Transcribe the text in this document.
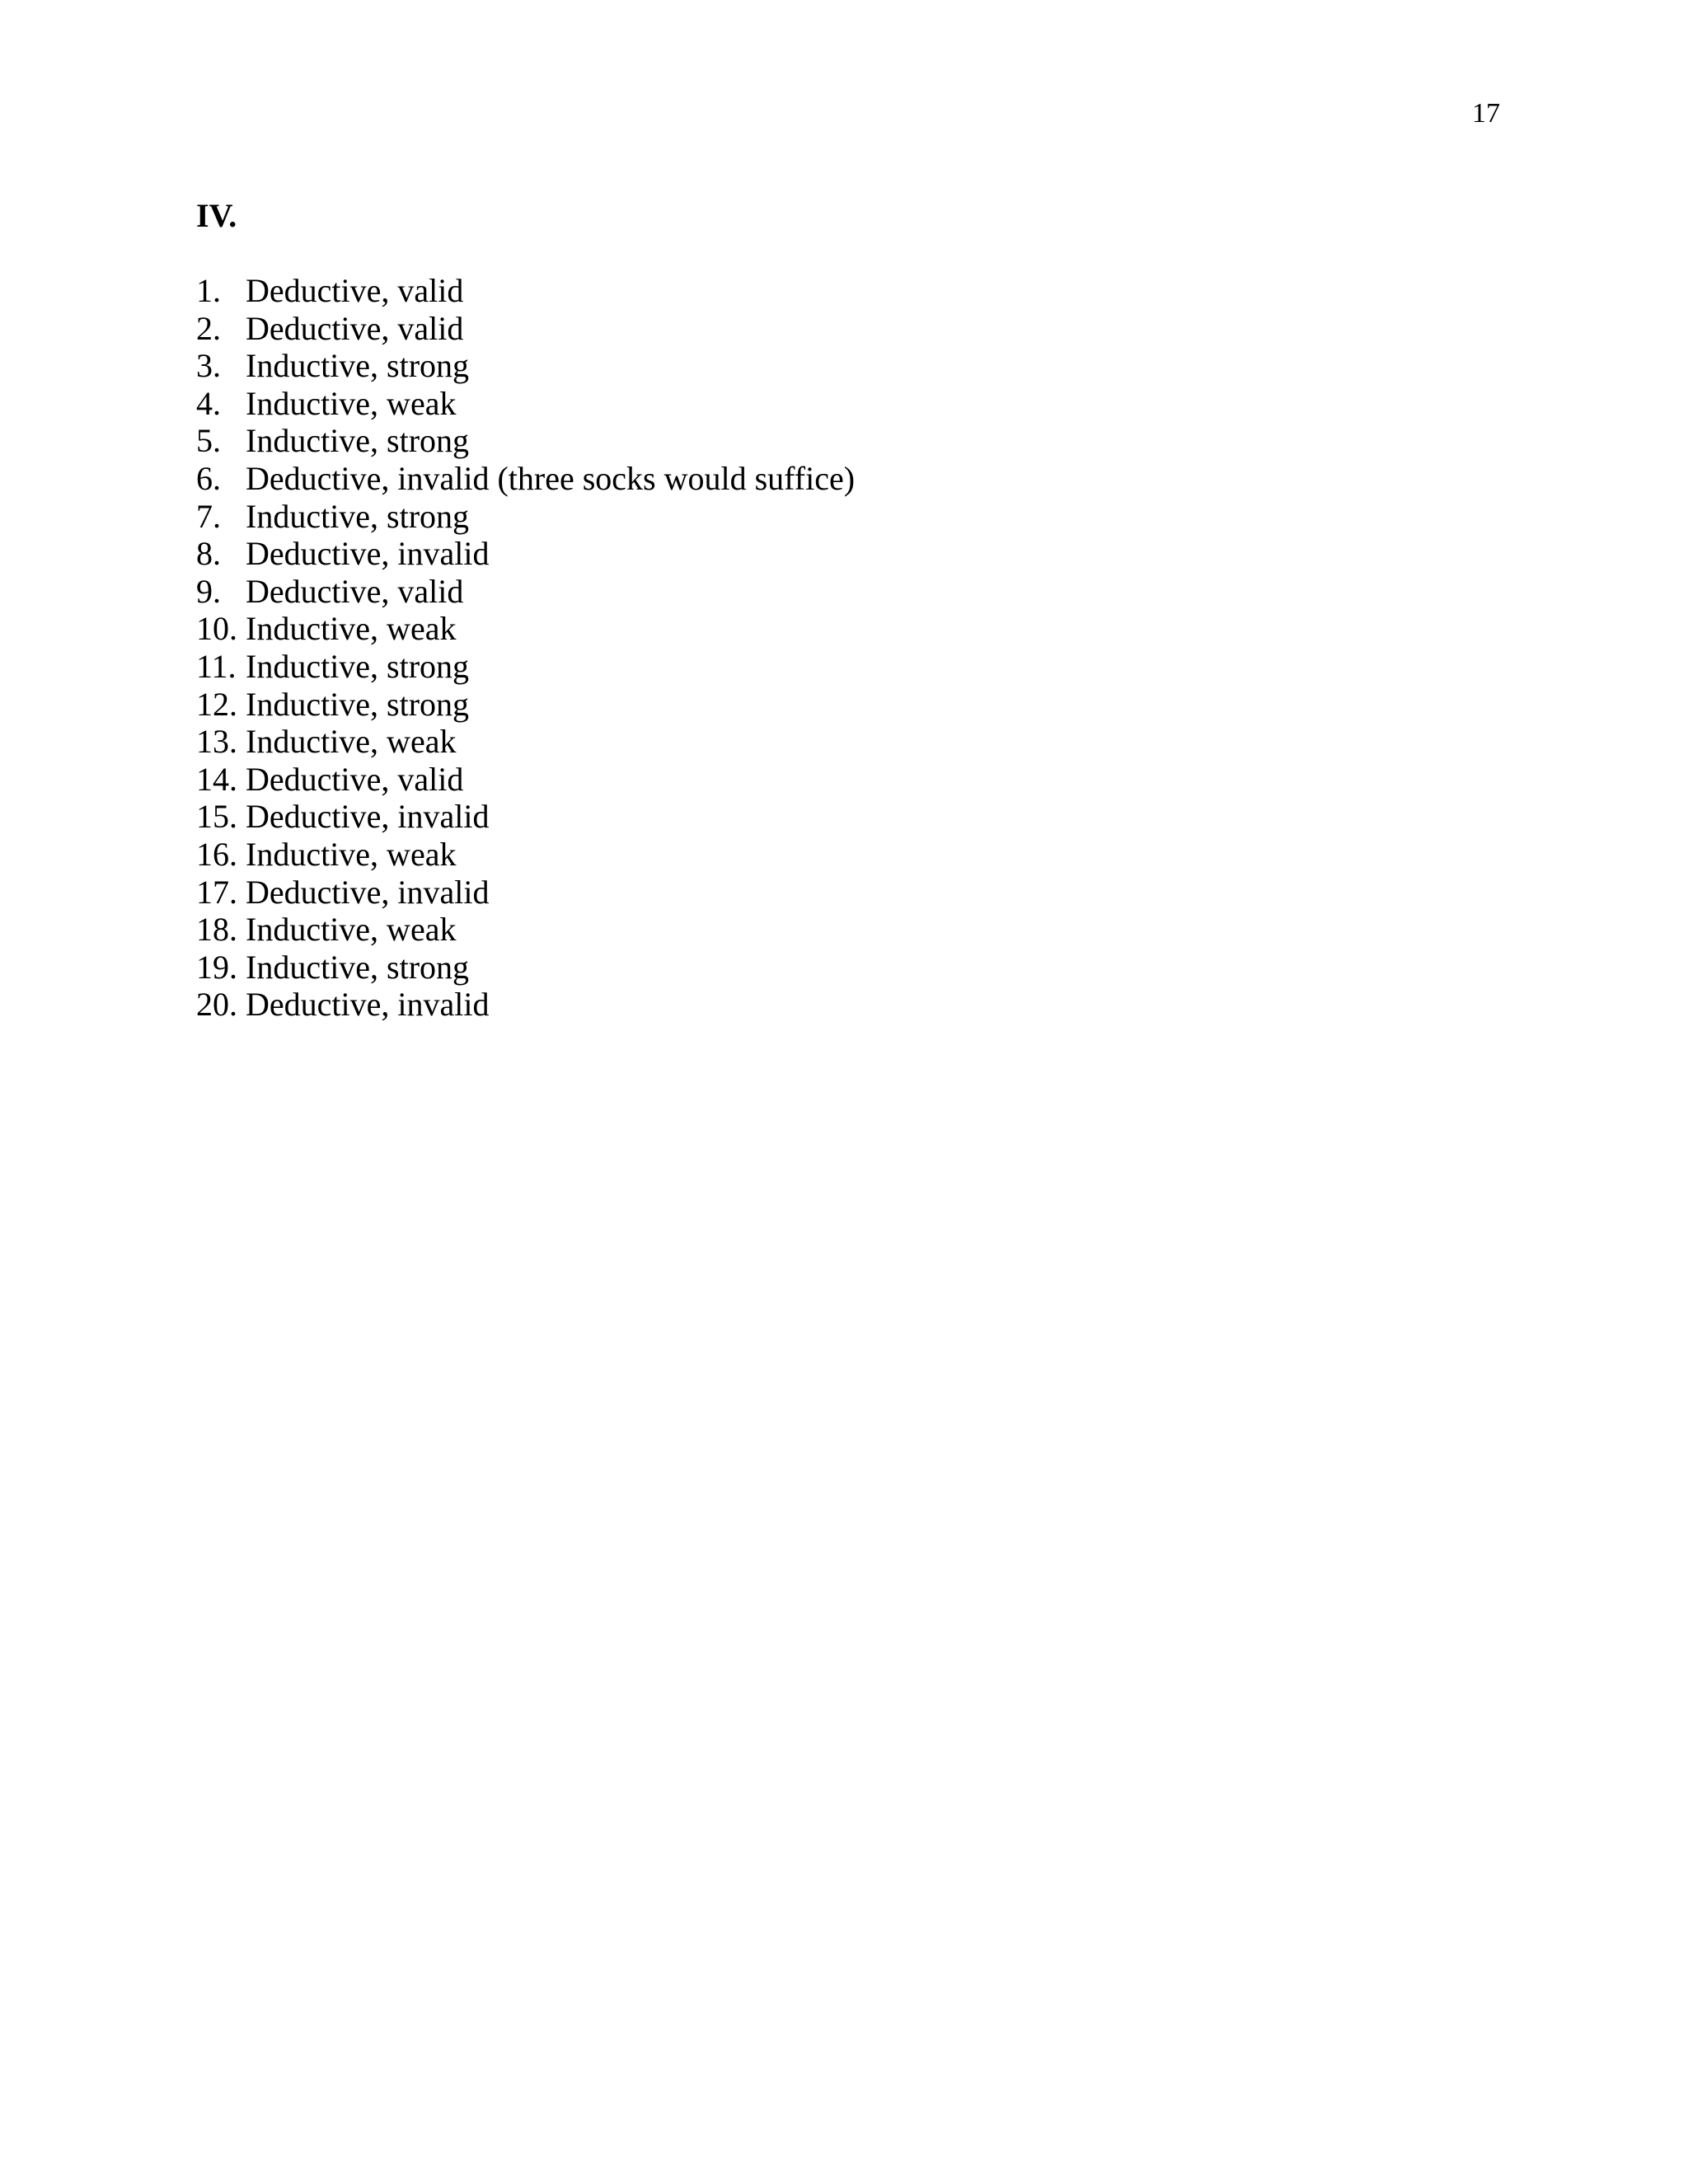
17
IV.
1. Deductive, valid
2. Deductive, valid
3. Inductive, strong
4. Inductive, weak
5. Inductive, strong
6. Deductive, invalid (three socks would suffice)
7. Inductive, strong
8. Deductive, invalid
9. Deductive, valid
10. Inductive, weak
11. Inductive, strong
12. Inductive, strong
13. Inductive, weak
14. Deductive, valid
15. Deductive, invalid
16. Inductive, weak
17. Deductive, invalid
18. Inductive, weak
19. Inductive, strong
20. Deductive, invalid
